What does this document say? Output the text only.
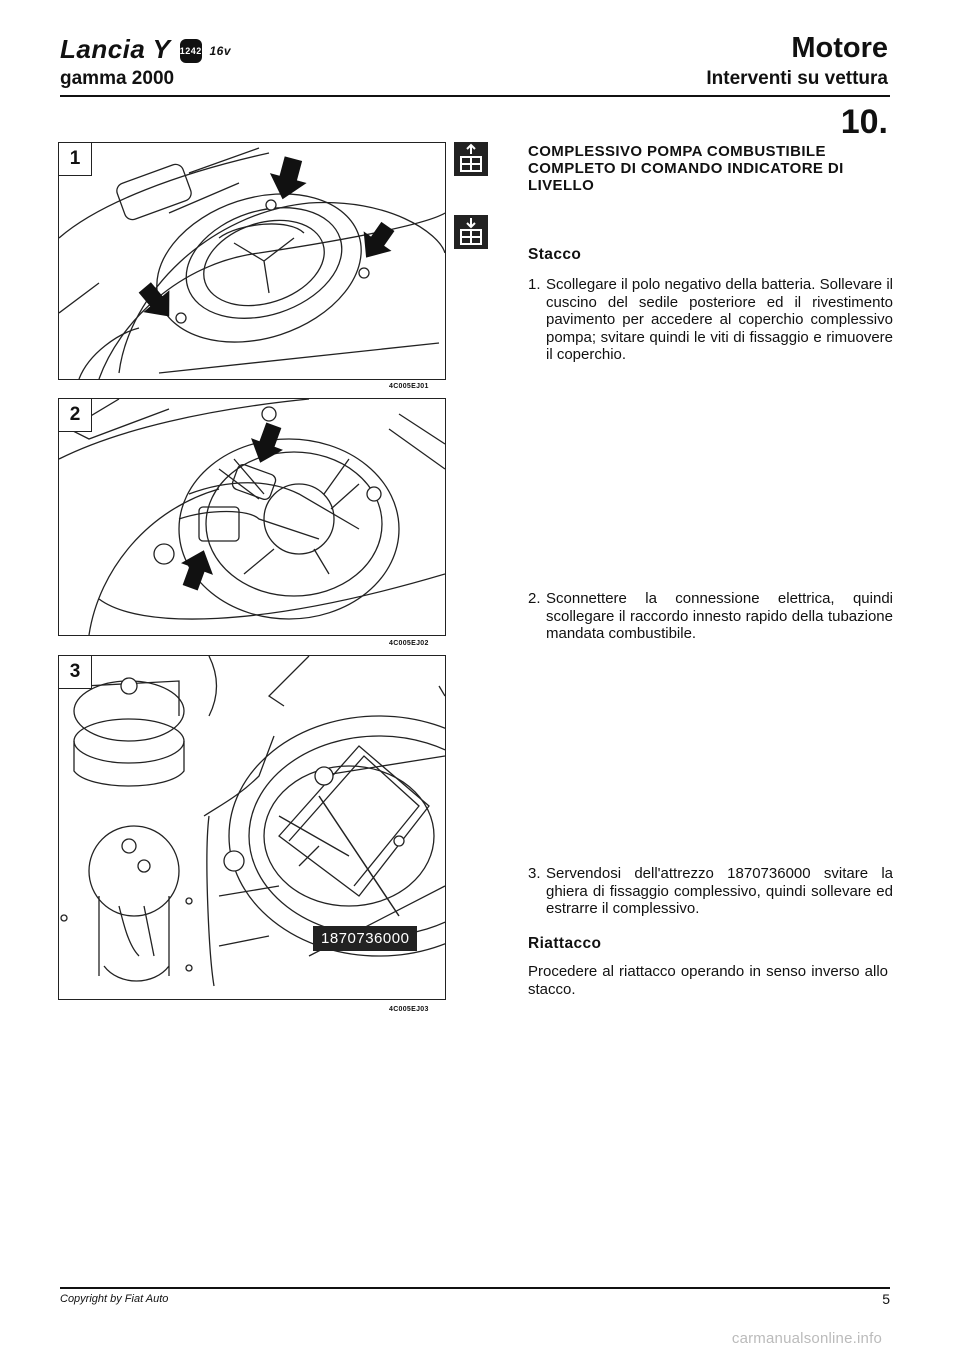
Lancia Y 1242 16v
gamma 2000
Motore
Interventi su vettura
10.
1
4C005EJ01
2
4C005EJ02
3
1870736000
4C005EJ03
COMPLESSIVO POMPA COMBUSTIBILE COMPLETO DI COMANDO INDICATORE DI LIVELLO
Stacco
1. Scollegare il polo negativo della batteria. Sollevare il cuscino del sedile posteriore ed il rivestimento pavimento per accedere al coperchio complessivo pompa; svitare quindi le viti di fissaggio e rimuovere il coperchio.
2. Sconnettere la connessione elettrica, quindi scollegare il raccordo innesto rapido della tubazione mandata combustibile.
3. Servendosi dell'attrezzo 1870736000 svitare la ghiera di fissaggio complessivo, quindi sollevare ed estrarre il complessivo.
Riattacco
Procedere al riattacco operando in senso inverso allo stacco.
Copyright by Fiat Auto	5
carmanualsonline.info
